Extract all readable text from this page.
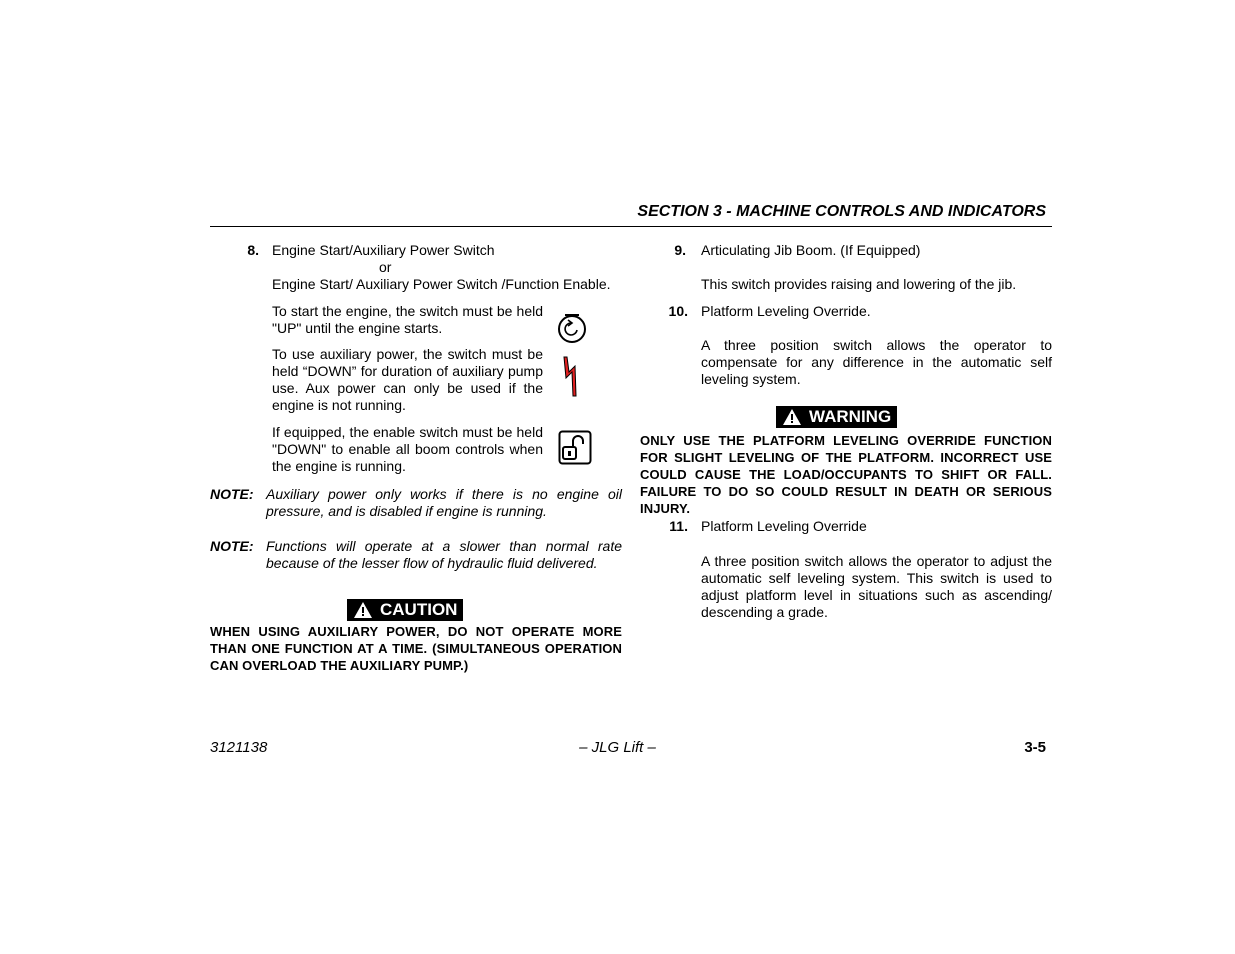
SECTION 3 - MACHINE CONTROLS AND INDICATORS
8. Engine Start/Auxiliary Power Switch
or
Engine Start/ Auxiliary Power Switch /Function Enable.
To start the engine, the switch must be held "UP" until the engine starts.
To use auxiliary power, the switch must be held “DOWN” for duration of auxiliary pump use. Aux power can only be used if the engine is not running.
If equipped, the enable switch must be held "DOWN" to enable all boom controls when the engine is running.
NOTE: Auxiliary power only works if there is no engine oil pressure, and is disabled if engine is running.
NOTE: Functions will operate at a slower than normal rate because of the lesser flow of hydraulic fluid delivered.
CAUTION
WHEN USING AUXILIARY POWER, DO NOT OPERATE MORE THAN ONE FUNCTION AT A TIME. (SIMULTANEOUS OPERATION CAN OVERLOAD THE AUXILIARY PUMP.)
9. Articulating Jib Boom. (If Equipped)
This switch provides raising and lowering of the jib.
10. Platform Leveling Override.
A three position switch allows the operator to compensate for any difference in the automatic self leveling system.
WARNING
ONLY USE THE PLATFORM LEVELING OVERRIDE FUNCTION FOR SLIGHT LEVELING OF THE PLATFORM. INCORRECT USE COULD CAUSE THE LOAD/OCCUPANTS TO SHIFT OR FALL. FAILURE TO DO SO COULD RESULT IN DEATH OR SERIOUS INJURY.
11. Platform Leveling Override
A three position switch allows the operator to adjust the automatic self leveling system. This switch is used to adjust platform level in situations such as ascending/ descending a grade.
3121138	– JLG Lift –	3-5
